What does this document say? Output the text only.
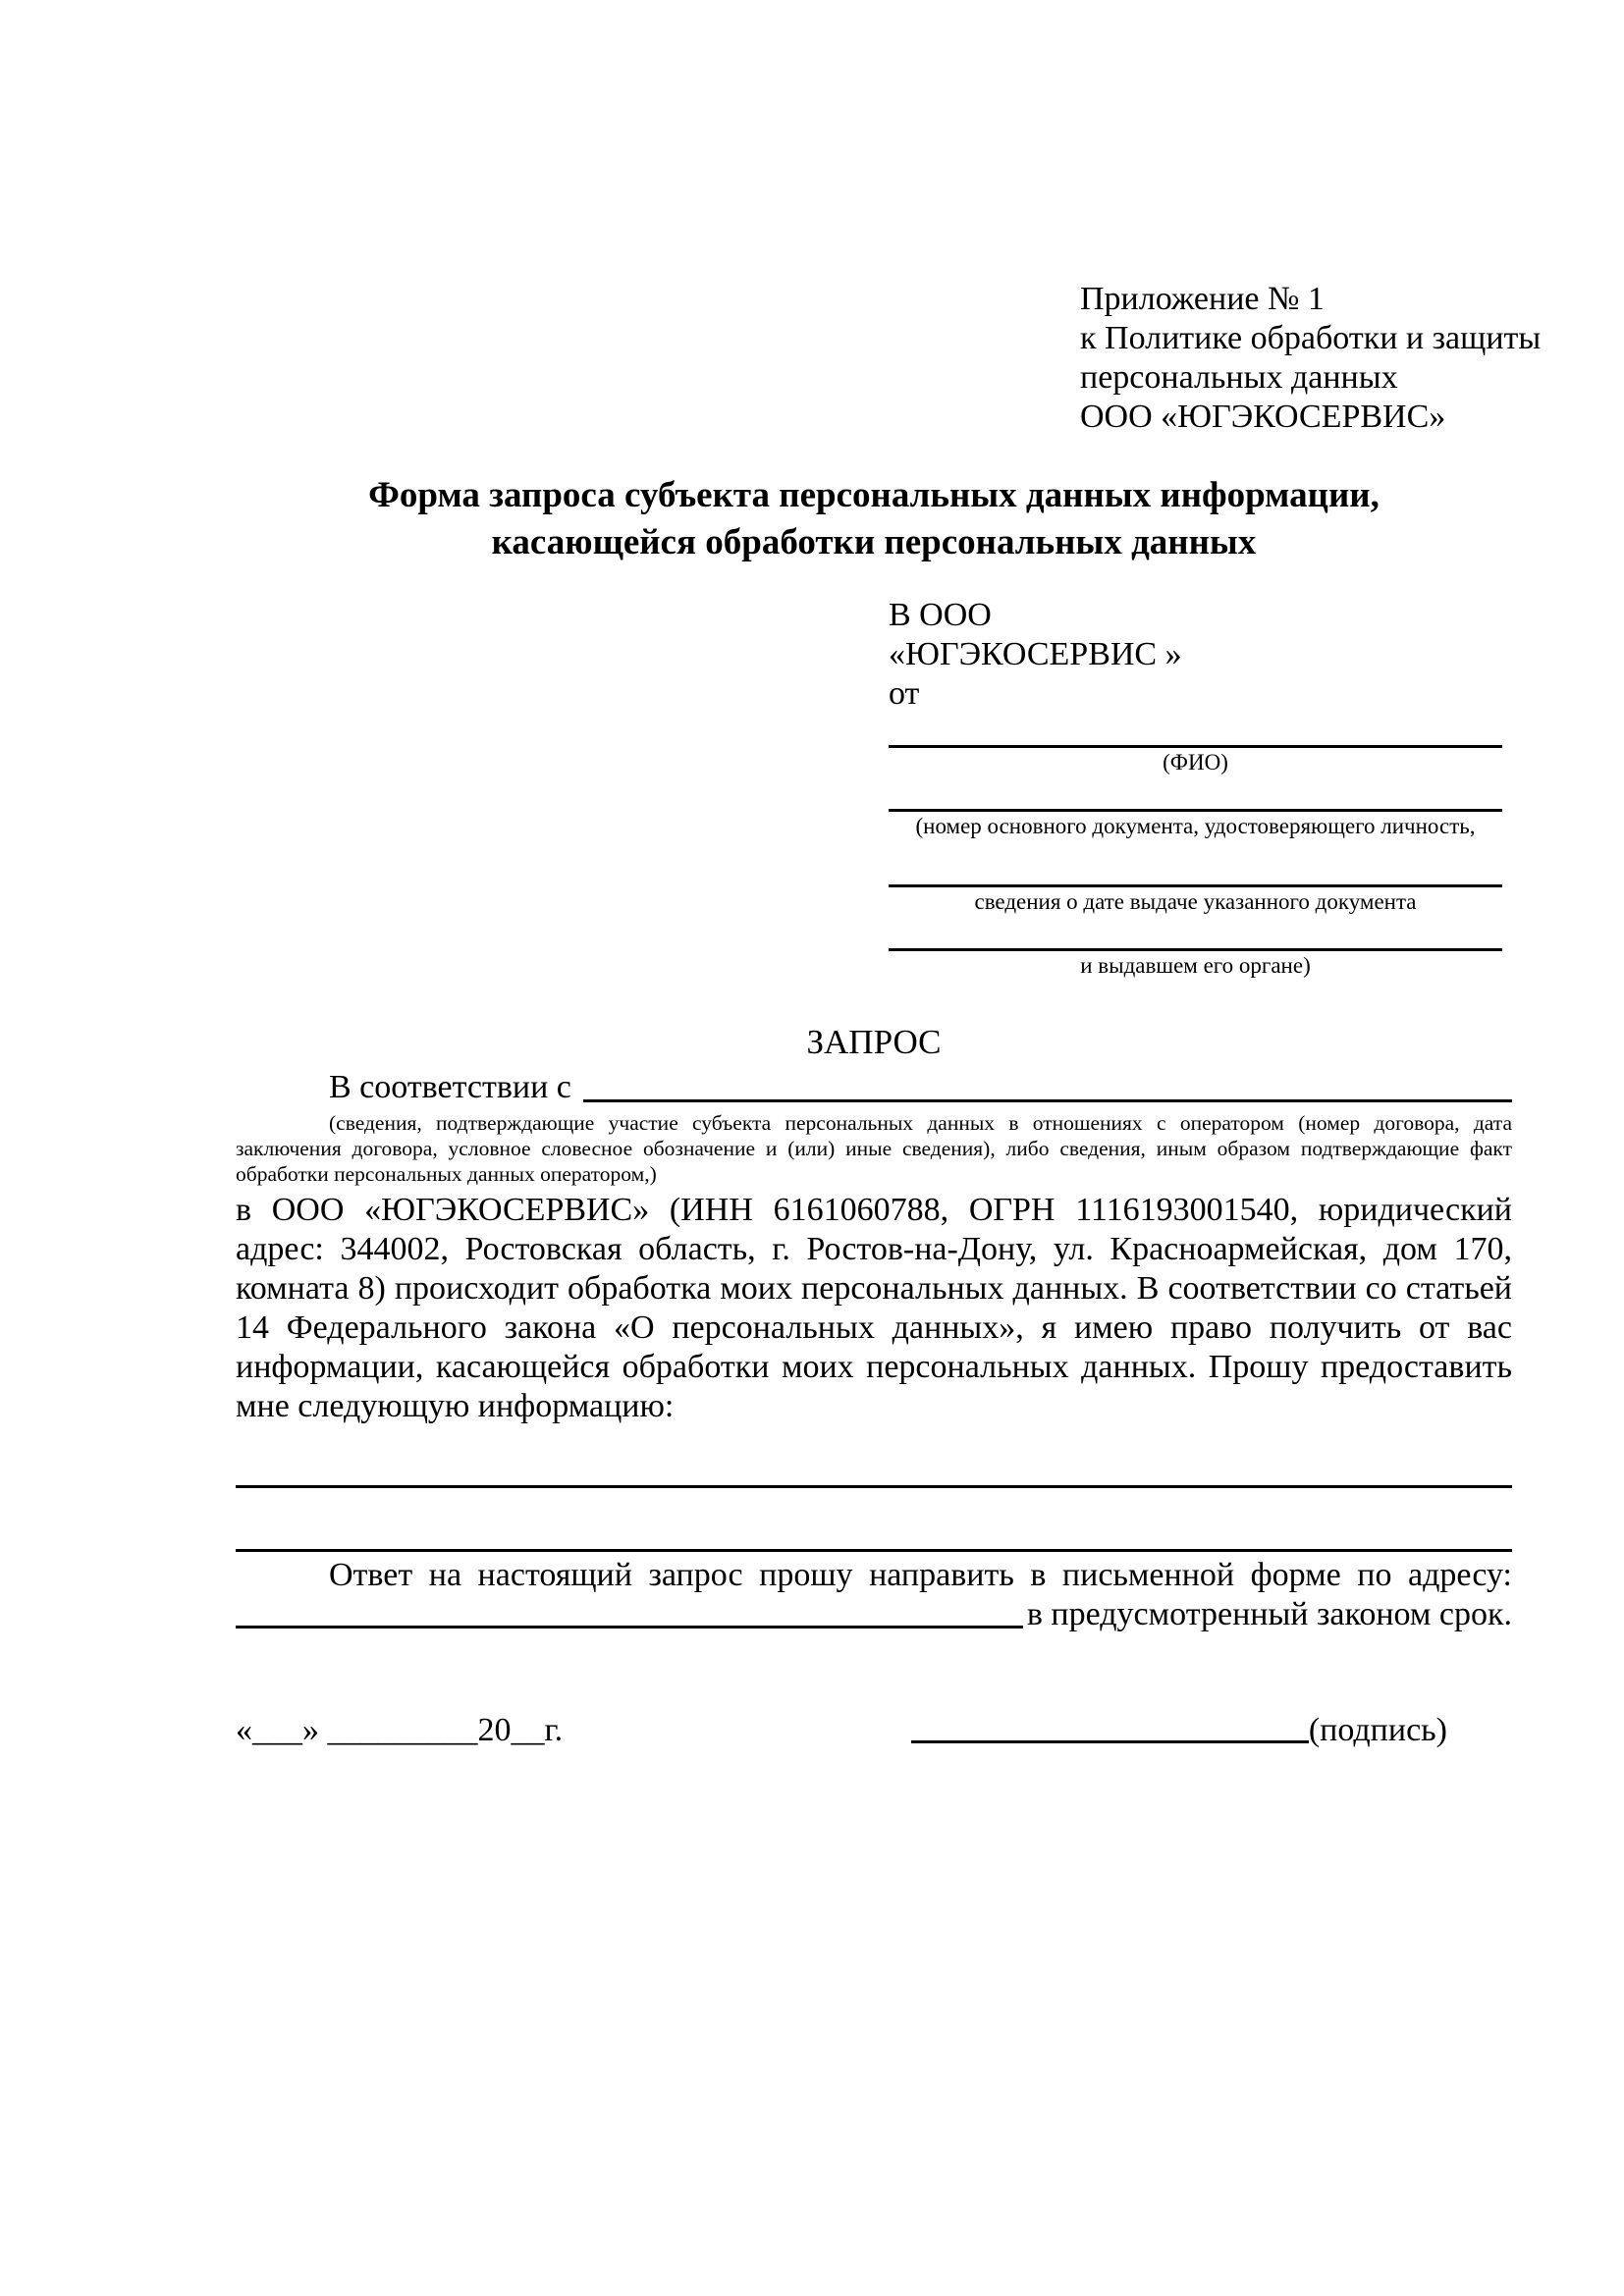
Приложение № 1
к Политике обработки и защиты
персональных данных
ООО «ЮГЭКОСЕРВИС»
Форма запроса субъекта персональных данных информации,
касающейся обработки персональных данных
В ООО
«ЮГЭКОСЕРВИС »
от
(ФИО)
(номер основного документа, удостоверяющего личность,
сведения о дате выдаче указанного документа
и выдавшем его органе)
ЗАПРОС
В соответствии с
(сведения, подтверждающие участие субъекта персональных данных в отношениях с оператором (номер договора, дата заключения договора, условное словесное обозначение и (или) иные сведения), либо сведения, иным образом подтверждающие факт обработки персональных данных оператором,)

в ООО «ЮГЭКОСЕРВИС» (ИНН 6161060788, ОГРН 1116193001540, юридический адрес: 344002, Ростовская область, г. Ростов-на-Дону, ул. Красноармейская, дом 170, комната 8) происходит обработка моих персональных данных. В соответствии со статьей 14 Федерального закона «О персональных данных», я имею право получить от вас информации, касающейся обработки моих персональных данных. Прошу предоставить мне следующую информацию:

Ответ на настоящий запрос прошу направить в письменной форме по адресу:
в предусмотренный законом срок.
«___» _________20__г.	(подпись)
